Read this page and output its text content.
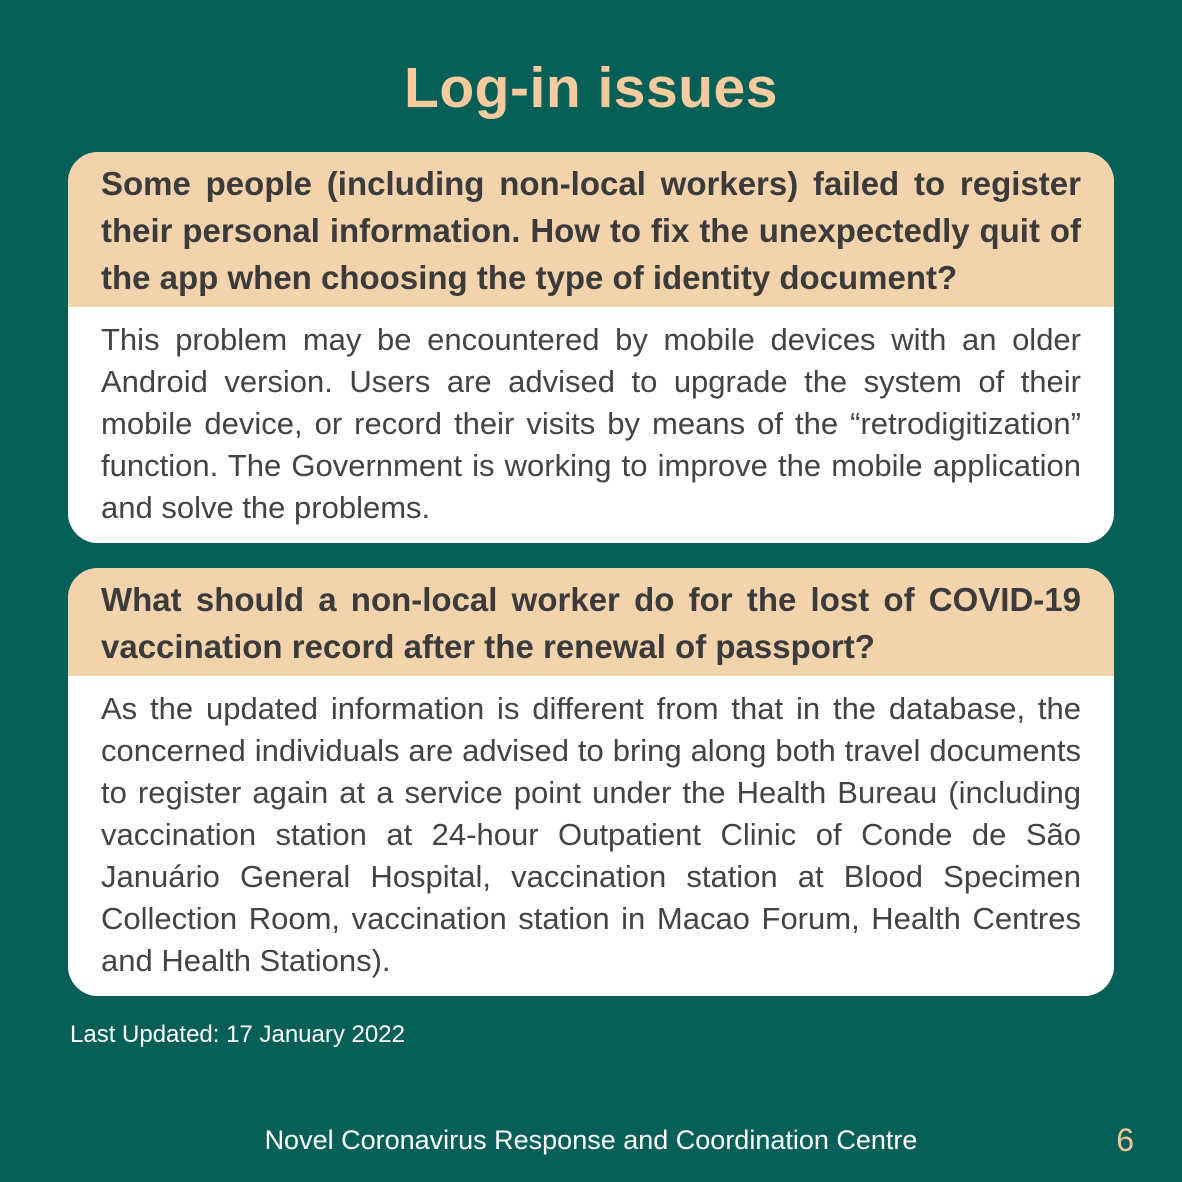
Log-in issues
Some people (including non-local workers) failed to register their personal information. How to fix the unexpectedly quit of the app when choosing the type of identity document?
This problem may be encountered by mobile devices with an older Android version. Users are advised to upgrade the system of their mobile device, or record their visits by means of the “retrodigitization” function. The Government is working to improve the mobile application and solve the problems.
What should a non-local worker do for the lost of COVID-19 vaccination record after the renewal of passport?
As the updated information is different from that in the database, the concerned individuals are advised to bring along both travel documents to register again at a service point under the Health Bureau (including vaccination station at 24-hour Outpatient Clinic of Conde de São Januário General Hospital, vaccination station at Blood Specimen Collection Room, vaccination station in Macao Forum, Health Centres and Health Stations).
Last Updated: 17 January 2022
Novel Coronavirus Response and Coordination Centre	6
